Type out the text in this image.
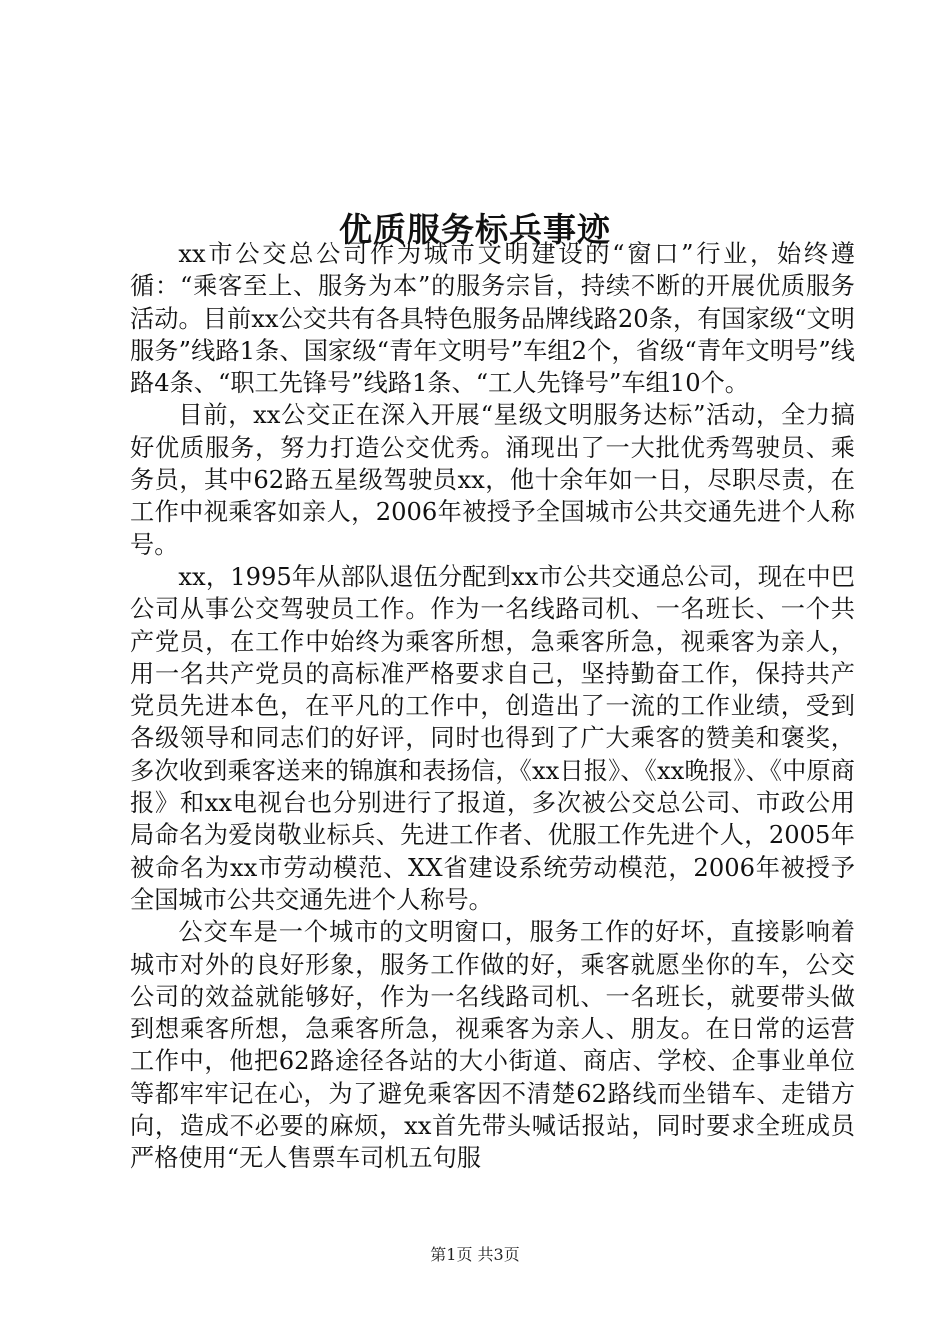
优质服务标兵事迹

xx市公交总公司作为城市文明建设的“窗口”行业，始终遵循：“乘客至上、服务为本”的服务宗旨，持续不断的开展优质服务活动。目前xx公交共有各具特色服务品牌线路20条，有国家级“文明服务”线路1条、国家级“青年文明号”车组2个，省级“青年文明号”线路4条、“职工先锋号”线路1条、“工人先锋号”车组10个。

目前，xx公交正在深入开展“星级文明服务达标”活动，全力搞好优质服务，努力打造公交优秀。涌现出了一大批优秀驾驶员、乘务员，其中62路五星级驾驶员xx，他十余年如一日，尽职尽责，在工作中视乘客如亲人，2006年被授予全国城市公共交通先进个人称号。

xx，1995年从部队退伍分配到xx市公共交通总公司，现在中巴公司从事公交驾驶员工作。作为一名线路司机、一名班长、一个共产党员，在工作中始终为乘客所想，急乘客所急，视乘客为亲人，用一名共产党员的高标准严格要求自己，坚持勤奋工作，保持共产党员先进本色，在平凡的工作中，创造出了一流的工作业绩，受到各级领导和同志们的好评，同时也得到了广大乘客的赞美和褒奖，多次收到乘客送来的锦旗和表扬信，《xx日报》、《xx晚报》、《中原商报》和xx电视台也分别进行了报道，多次被公交总公司、市政公用局命名为爱岗敬业标兵、先进工作者、优服工作先进个人，2005年被命名为xx市劳动模范、XX省建设系统劳动模范，2006年被授予全国城市公共交通先进个人称号。

公交车是一个城市的文明窗口，服务工作的好坏，直接影响着城市对外的良好形象，服务工作做的好，乘客就愿坐你的车，公交公司的效益就能够好，作为一名线路司机、一名班长，就要带头做到想乘客所想，急乘客所急，视乘客为亲人、朋友。在日常的运营工作中，他把62路途径各站的大小街道、商店、学校、企事业单位等都牢牢记在心，为了避免乘客因不清楚62路线而坐错车、走错方向，造成不必要的麻烦，xx首先带头喊话报站，同时要求全班成员严格使用“无人售票车司机五句服

第1页 共3页
